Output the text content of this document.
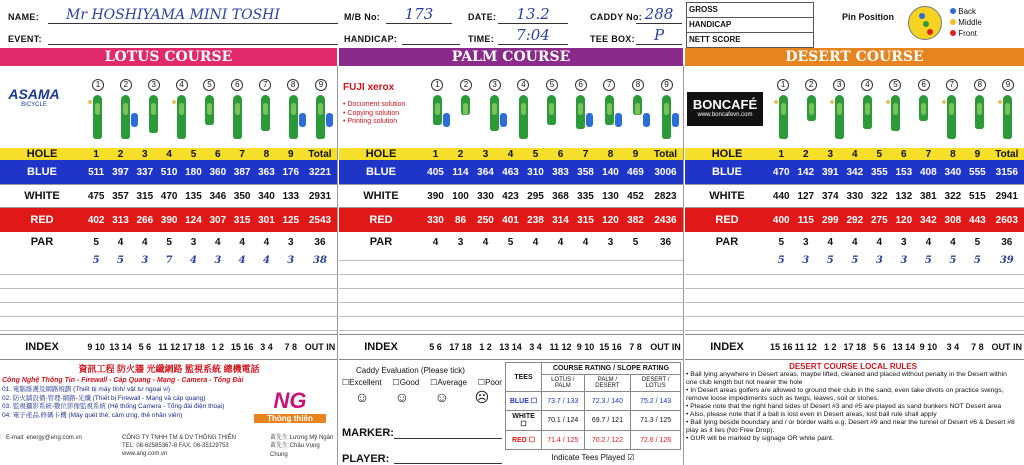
NAME:	Mr HOSHIYAMA MINI TOSHI
EVENT:
M/B No:	173
HANDICAP:
DATE:	13.2
TIME:	7:04
CADDY No: 288
TEE BOX:	P
GROSS
HANDICAP
NETT SCORE
Pin Position
Back
Middle
Front
LOTUS COURSE
ASAMA
BICYCLE
1	2	3	4	5	6	7	8	9
HOLE	1	2	3	4	5	6	7	8	9	Total
BLUE	511 397 337 510 180 360 387 363 176 3221
WHITE	475 357 315 470 135 346 350 340 133 2931
RED	402 313 266 390 124 307 315 301 125 2543
PAR	5	4	4	5	3	4	4	4	3	36
5	5	3	7	4	3	4	4	3	38
INDEX	9 10 13 14 5 6 11 12 17 18 1 2 15 16 3 4	7 8 OUT IN
PALM COURSE
FUJI xerox
• Document solution
• Copying solution
• Printing solution
1	2	3	4	5	6	7	8	9
HOLE	1	2	3	4	5	6	7	8	9	Total
BLUE	405 114 364 463 310 383 358 140 469	3006
WHITE	390 100 330 423 295 368 335 130 452	2823
RED	330	86	250 401 238 314 315 120 382	2436
PAR	4	3	4	5	4	4	4	3	5	36
INDEX	5 6 17 18 1 2 13 14 3 4 11 12 9 10 15 16 7 8 OUT IN
DESERT COURSE
BONCAFÉ
www.boncafevn.com
1	2	3	4	5	6	7	8	9
HOLE	1	2	3	4	5	6	7	8	9	Total
BLUE	470 142 391 342 355 153 408 340 555 3156
WHITE	440 127 374 330 322 132 381 322 515 2941
RED	400 115 299 292 275 120 342 308 443 2603
PAR	5	3	4	4	4	3	4	4	5	36
5	3	5	5	3	3	5	5	5	39
INDEX	15 16 11 12 1 2 17 18 5 6 13 14 9 10	3 4	7 8 OUT IN
資訊工程 防火牆 光纖網路 監視系統 總機電話
Công Nghệ Thông Tin - Firewall - Cáp Quang - Mạng - Camera - Tổng Đài
01. 電腦維護及網路規劃 (Thiết bị máy tính/ vật tư ngoại vi)
02. 防火牆設備-管理-網路-光纖 (Thiết bị Firewall - Mạng và cáp quang)
03. 監視攝影系統-數位影像監視系統 (Hệ thống Camera - Tổng đài điện thoại)
04. 電子產品.修碼卡機 (Máy quét thẻ, cảm ứng, thẻ nhân viên)
NG
Thông thiên
E-mail: energy@eng.com.vn	CÔNG TY TNHH TM & DV THÔNG THIÊN
TEL: 08-62585367-8 FAX: 08-35129753
www.ang.com.vn
黃先生 Lương Mỹ Ngân
黃先生 Châu Vụng Chung
Caddy Evaluation (Please tick)
☐Excellent ☐Good ☐Average ☐Poor
☺ ☺ ☺ ☹
MARKER:
PLAYER:
TEES	COURSE RATING / SLOPE RATING		
	LOTUS / PALM	PALM / DESERT	DESERT / LOTUS
BLUE ☐	73.7 / 133	72.3 / 140	75.2 / 143
WHITE ☐	70.1 / 124	69.7 / 121	71.3 / 125
RED ☐	71.4 / 125	70.2 / 122	72.6 / 126
Indicate Tees Played ☑
DESERT COURSE LOCAL RULES
• Ball lying anywhere in Desert areas, maybe lifted, cleaned and placed without penalty in the Desert within one club length but not nearer the hole
• In Desert areas golfers are allowed to ground their club in the sand, even take divots on practice swings, remove loose impediments such as twigs, leaves, soil or stones.
• Please note that the right hand sides of Desert #3 and #5 are played as sand bunkers NOT Desert area
• Also, please note that if a ball is lost even in Desert areas, lost ball rule shall apply
• Ball lying beside boundary and / or border walls e.g. Desert #9 and near the tunnel of Desert #6 & Desert #8 play as it lies (No Free Drop).
• GUR will be marked by signage OR white paint.
